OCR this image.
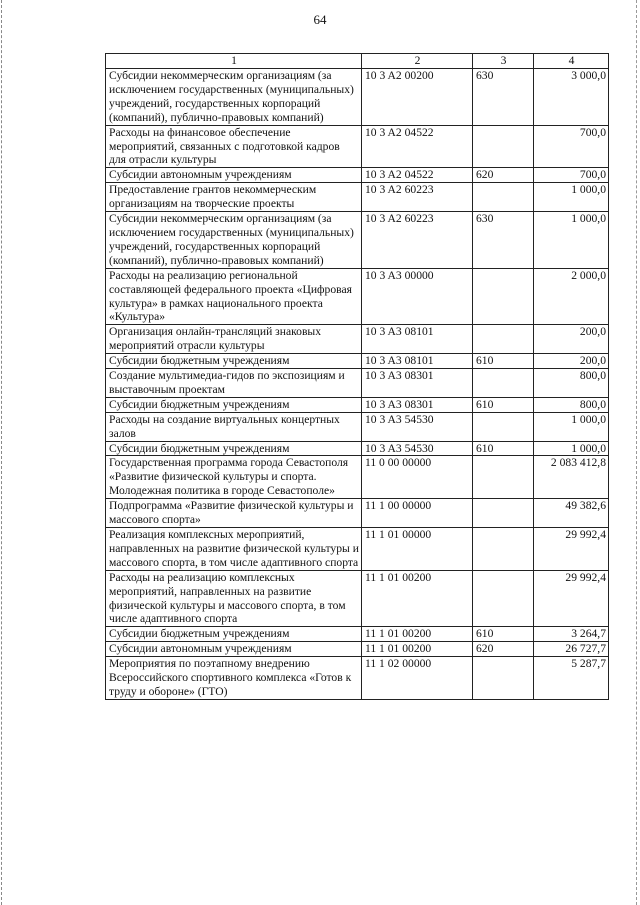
64
1	2	3	4
Субсидии некоммерческим организациям (за исключением государственных (муниципальных) учреждений, государственных корпораций (компаний), публично-правовых компаний)	10 3 A2 00200	630	3 000,0
Расходы на финансовое обеспечение мероприятий, связанных с подготовкой кадров для отрасли культуры	10 3 A2 04522		700,0
Субсидии автономным учреждениям	10 3 A2 04522	620	700,0
Предоставление грантов некоммерческим организациям на творческие проекты	10 3 A2 60223		1 000,0
Субсидии некоммерческим организациям (за исключением государственных (муниципальных) учреждений, государственных корпораций (компаний), публично-правовых компаний)	10 3 A2 60223	630	1 000,0
Расходы на реализацию региональной составляющей федерального проекта «Цифровая культура» в рамках национального проекта «Культура»	10 3 A3 00000		2 000,0
Организация онлайн-трансляций знаковых мероприятий отрасли культуры	10 3 A3 08101		200,0
Субсидии бюджетным учреждениям	10 3 A3 08101	610	200,0
Создание мультимедиа-гидов по экспозициям и выставочным проектам	10 3 A3 08301		800,0
Субсидии бюджетным учреждениям	10 3 A3 08301	610	800,0
Расходы на создание виртуальных концертных залов	10 3 A3 54530		1 000,0
Субсидии бюджетным учреждениям	10 3 A3 54530	610	1 000,0
Государственная программа города Севастополя «Развитие физической культуры и спорта. Молодежная политика в городе Севастополе»	11 0 00 00000		2 083 412,8
Подпрограмма «Развитие физической культуры и массового спорта»	11 1 00 00000		49 382,6
Реализация комплексных мероприятий, направленных на развитие физической культуры и массового спорта, в том числе адаптивного спорта	11 1 01 00000		29 992,4
Расходы на реализацию комплексных мероприятий, направленных на развитие физической культуры и массового спорта, в том числе адаптивного спорта	11 1 01 00200		29 992,4
Субсидии бюджетным учреждениям	11 1 01 00200	610	3 264,7
Субсидии автономным учреждениям	11 1 01 00200	620	26 727,7
Мероприятия по поэтапному внедрению Всероссийского спортивного комплекса «Готов к труду и обороне» (ГТО)	11 1 02 00000		5 287,7
